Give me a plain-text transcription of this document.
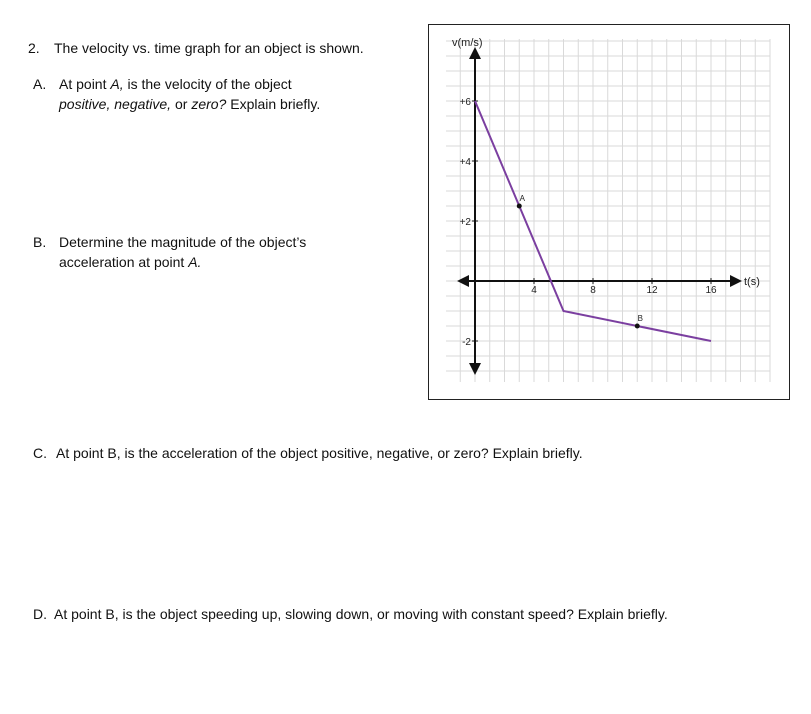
2. The velocity vs. time graph for an object is shown.
A. At point A, is the velocity of the object
positive, negative, or zero? Explain briefly.
B. Determine the magnitude of the object’s
acceleration at point A.
C. At point B, is the acceleration of the object positive, negative, or zero? Explain briefly.
D. At point B, is the object speeding up, slowing down, or moving with constant speed? Explain briefly.
v(m/s)
t(s)
4	8	12	16
+6
+4
+2
-2
A
B
